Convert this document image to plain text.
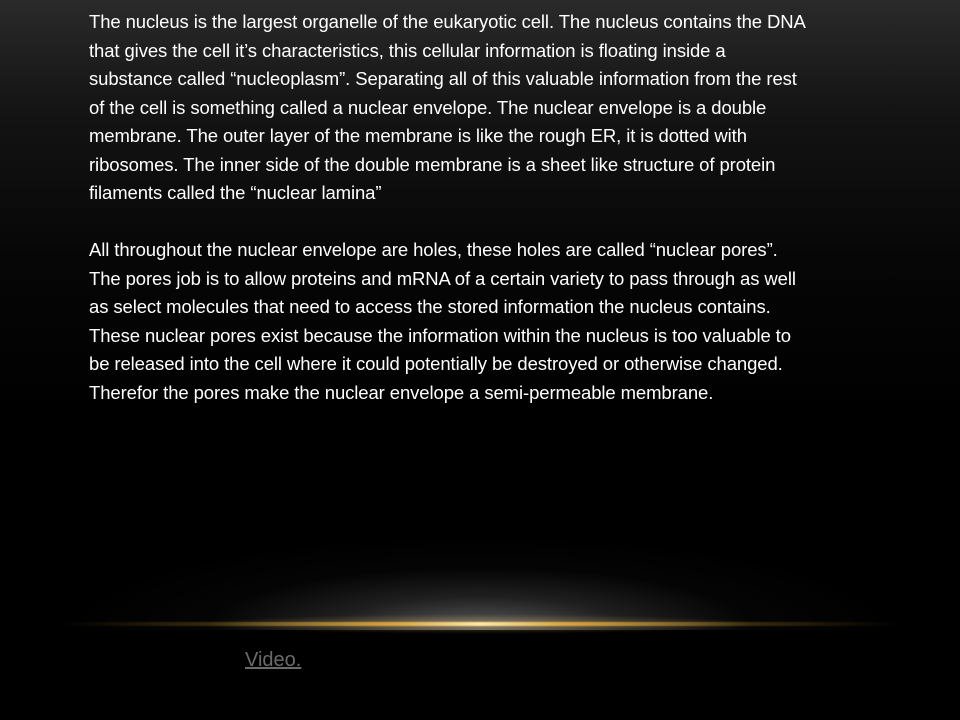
The nucleus is the largest organelle of the eukaryotic cell. The nucleus contains the DNA
that gives the cell it’s characteristics, this cellular information is floating inside a
substance called “nucleoplasm”. Separating all of this valuable information from the rest
of the cell is something called a nuclear envelope. The nuclear envelope is a double
membrane. The outer layer of the membrane is like the rough ER, it is dotted with
ribosomes. The inner side of the double membrane is a sheet like structure of protein
filaments called the “nuclear lamina”

All throughout the nuclear envelope are holes, these holes are called “nuclear pores”.
The pores job is to allow proteins and mRNA of a certain variety to pass through as well
as select molecules that need to access the stored information the nucleus contains.
These nuclear pores exist because the information within the nucleus is too valuable to
be released into the cell where it could potentially be destroyed or otherwise changed.
Therefor the pores make the nuclear envelope a semi-permeable membrane.

Video.
